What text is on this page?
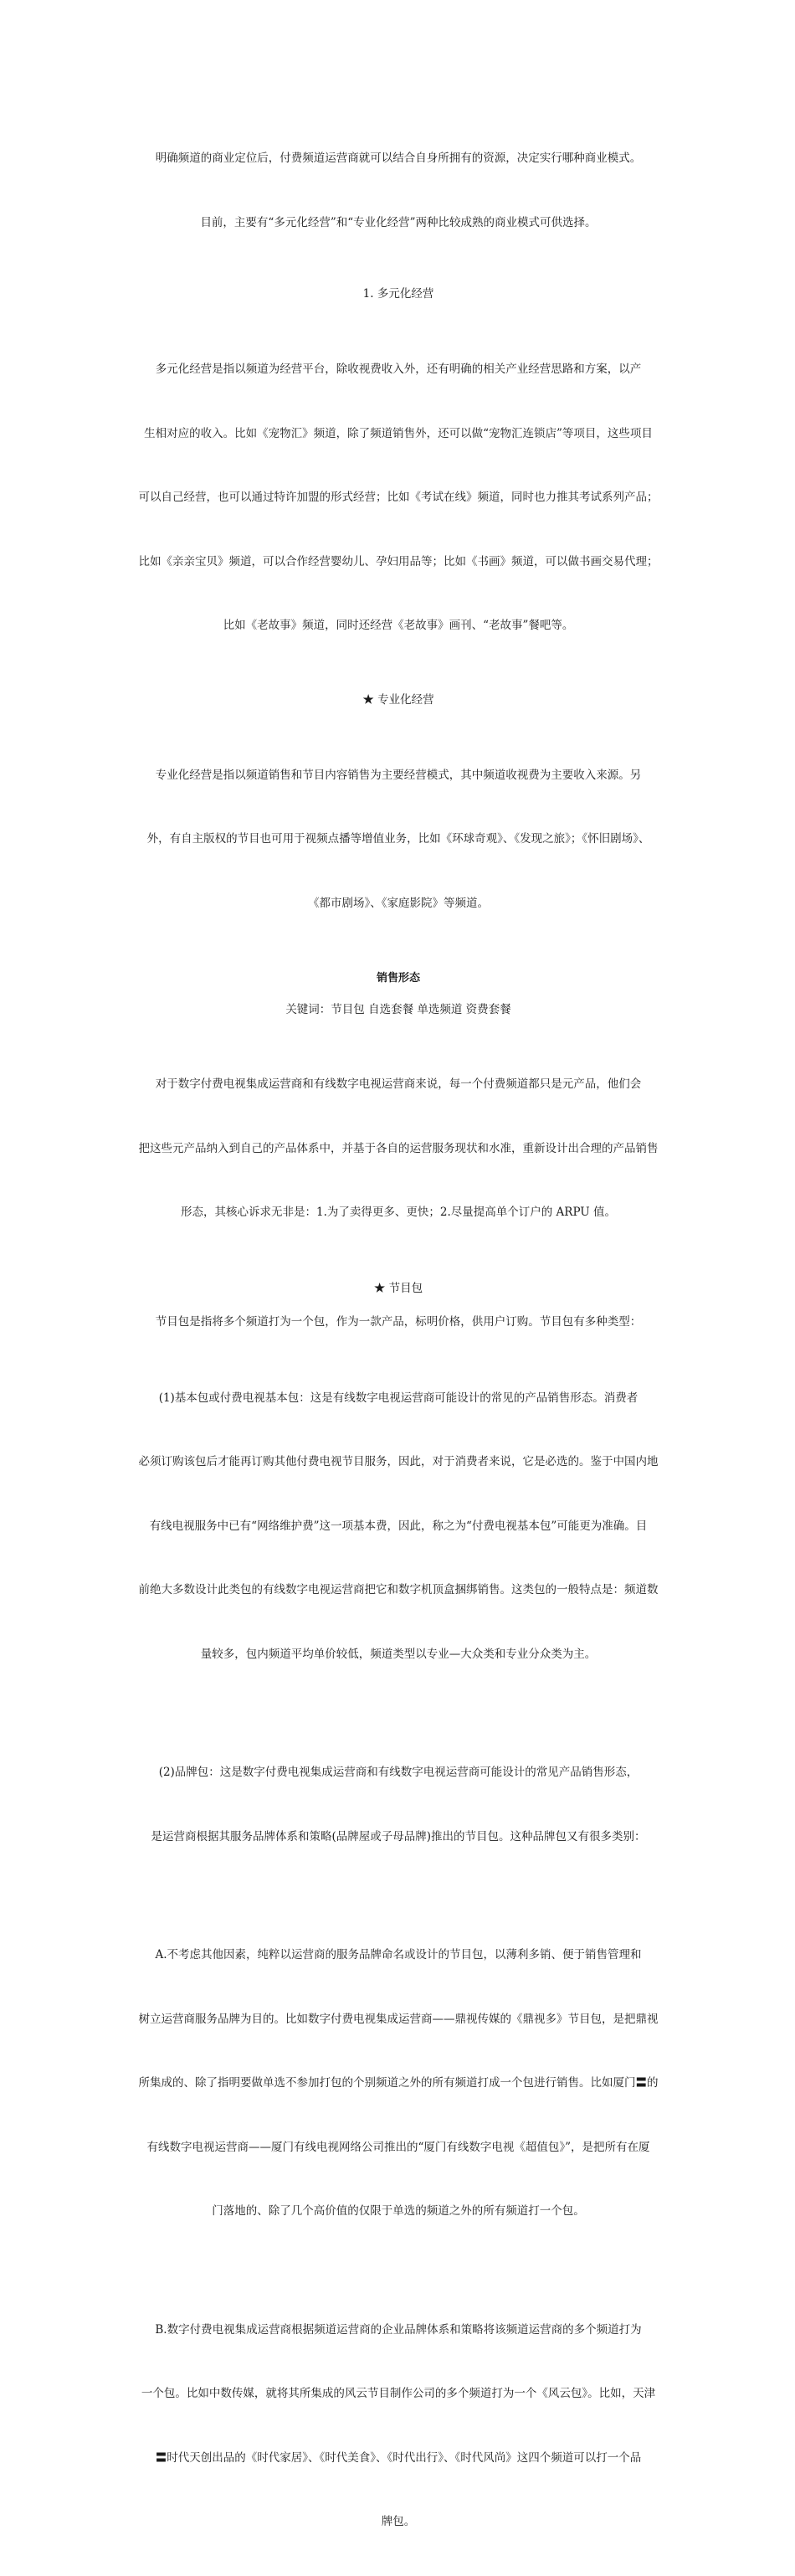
明确频道的商业定位后，付费频道运营商就可以结合自身所拥有的资源，决定实行哪种商业模式。

目前，主要有“多元化经营”和“专业化经营”两种比较成熟的商业模式可供选择。

1. 多元化经营

多元化经营是指以频道为经营平台，除收视费收入外，还有明确的相关产业经营思路和方案，以产

生相对应的收入。比如《宠物汇》频道，除了频道销售外，还可以做“宠物汇连锁店”等项目，这些项目

可以自己经营，也可以通过特许加盟的形式经营；比如《考试在线》频道，同时也力推其考试系列产品；

比如《亲亲宝贝》频道，可以合作经营婴幼儿、孕妇用品等；比如《书画》频道，可以做书画交易代理；

比如《老故事》频道，同时还经营《老故事》画刊、“老故事”餐吧等。

★ 专业化经营

专业化经营是指以频道销售和节目内容销售为主要经营模式，其中频道收视费为主要收入来源。另

外，有自主版权的节目也可用于视频点播等增值业务，比如《环球奇观》、《发现之旅》；《怀旧剧场》、

《都市剧场》、《家庭影院》等频道。

销售形态

关键词：节目包 自选套餐 单选频道 资费套餐

对于数字付费电视集成运营商和有线数字电视运营商来说，每一个付费频道都只是元产品，他们会

把这些元产品纳入到自己的产品体系中，并基于各自的运营服务现状和水准，重新设计出合理的产品销售

形态，其核心诉求无非是：1.为了卖得更多、更快；2.尽量提高单个订户的 ARPU 值。

★ 节目包

节目包是指将多个频道打为一个包，作为一款产品，标明价格，供用户订购。节目包有多种类型：

(1)基本包或付费电视基本包：这是有线数字电视运营商可能设计的常见的产品销售形态。消费者

必须订购该包后才能再订购其他付费电视节目服务，因此，对于消费者来说，它是必选的。鉴于中国内地

有线电视服务中已有“网络维护费”这一项基本费，因此，称之为“付费电视基本包”可能更为准确。目

前绝大多数设计此类包的有线数字电视运营商把它和数字机顶盒捆绑销售。这类包的一般特点是：频道数

量较多，包内频道平均单价较低，频道类型以专业—大众类和专业分众类为主。

(2)品牌包：这是数字付费电视集成运营商和有线数字电视运营商可能设计的常见产品销售形态，

是运营商根据其服务品牌体系和策略(品牌屋或子母品牌)推出的节目包。这种品牌包又有很多类别：

A.不考虑其他因素，纯粹以运营商的服务品牌命名或设计的节目包，以薄利多销、便于销售管理和

树立运营商服务品牌为目的。比如数字付费电视集成运营商——鼎视传媒的《鼎视多》节目包，是把鼎视

所集成的、除了指明要做单选不参加打包的个别频道之外的所有频道打成一个包进行销售。比如厦门〓的

有线数字电视运营商——厦门有线电视网络公司推出的“厦门有线数字电视《超值包》”，是把所有在厦

门落地的、除了几个高价值的仅限于单选的频道之外的所有频道打一个包。

B.数字付费电视集成运营商根据频道运营商的企业品牌体系和策略将该频道运营商的多个频道打为

一个包。比如中数传媒，就将其所集成的风云节目制作公司的多个频道打为一个《风云包》。比如，天津

〓时代天创出品的《时代家居》、《时代美食》、《时代出行》、《时代风尚》这四个频道可以打一个品

牌包。
